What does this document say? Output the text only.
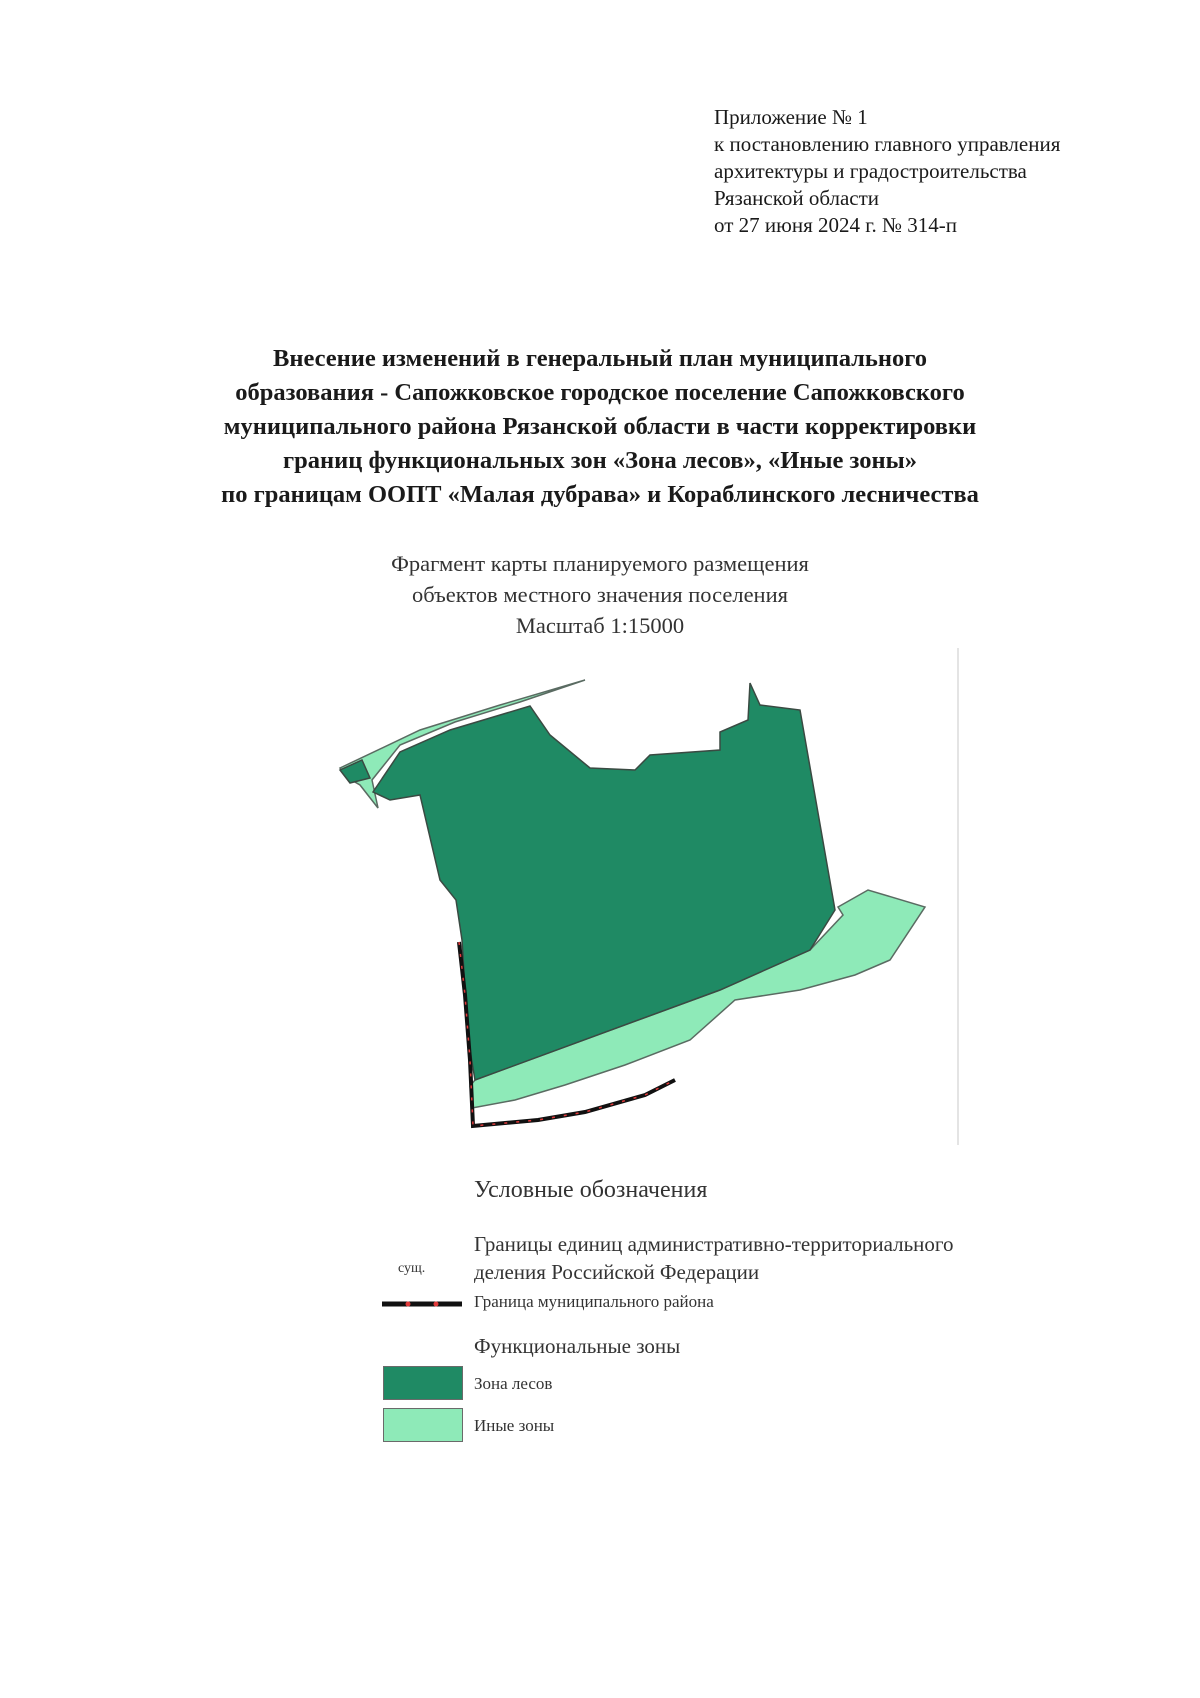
Приложение № 1
к постановлению главного управления
архитектуры и градостроительства
Рязанской области
от 27 июня 2024 г. № 314-п
Внесение изменений в генеральный план муниципального
образования - Сапожковское городское поселение Сапожковского
муниципального района Рязанской области в части корректировки
границ функциональных зон «Зона лесов», «Иные зоны»
по границам ООПТ «Малая дубрава» и Кораблинского лесничества
Фрагмент карты планируемого размещения
объектов местного значения поселения
Масштаб 1:15000
Условные обозначения
Границы единиц административно-территориального
деления Российской Федерации
сущ.
Граница муниципального района
Функциональные зоны
Зона лесов
Иные зоны
